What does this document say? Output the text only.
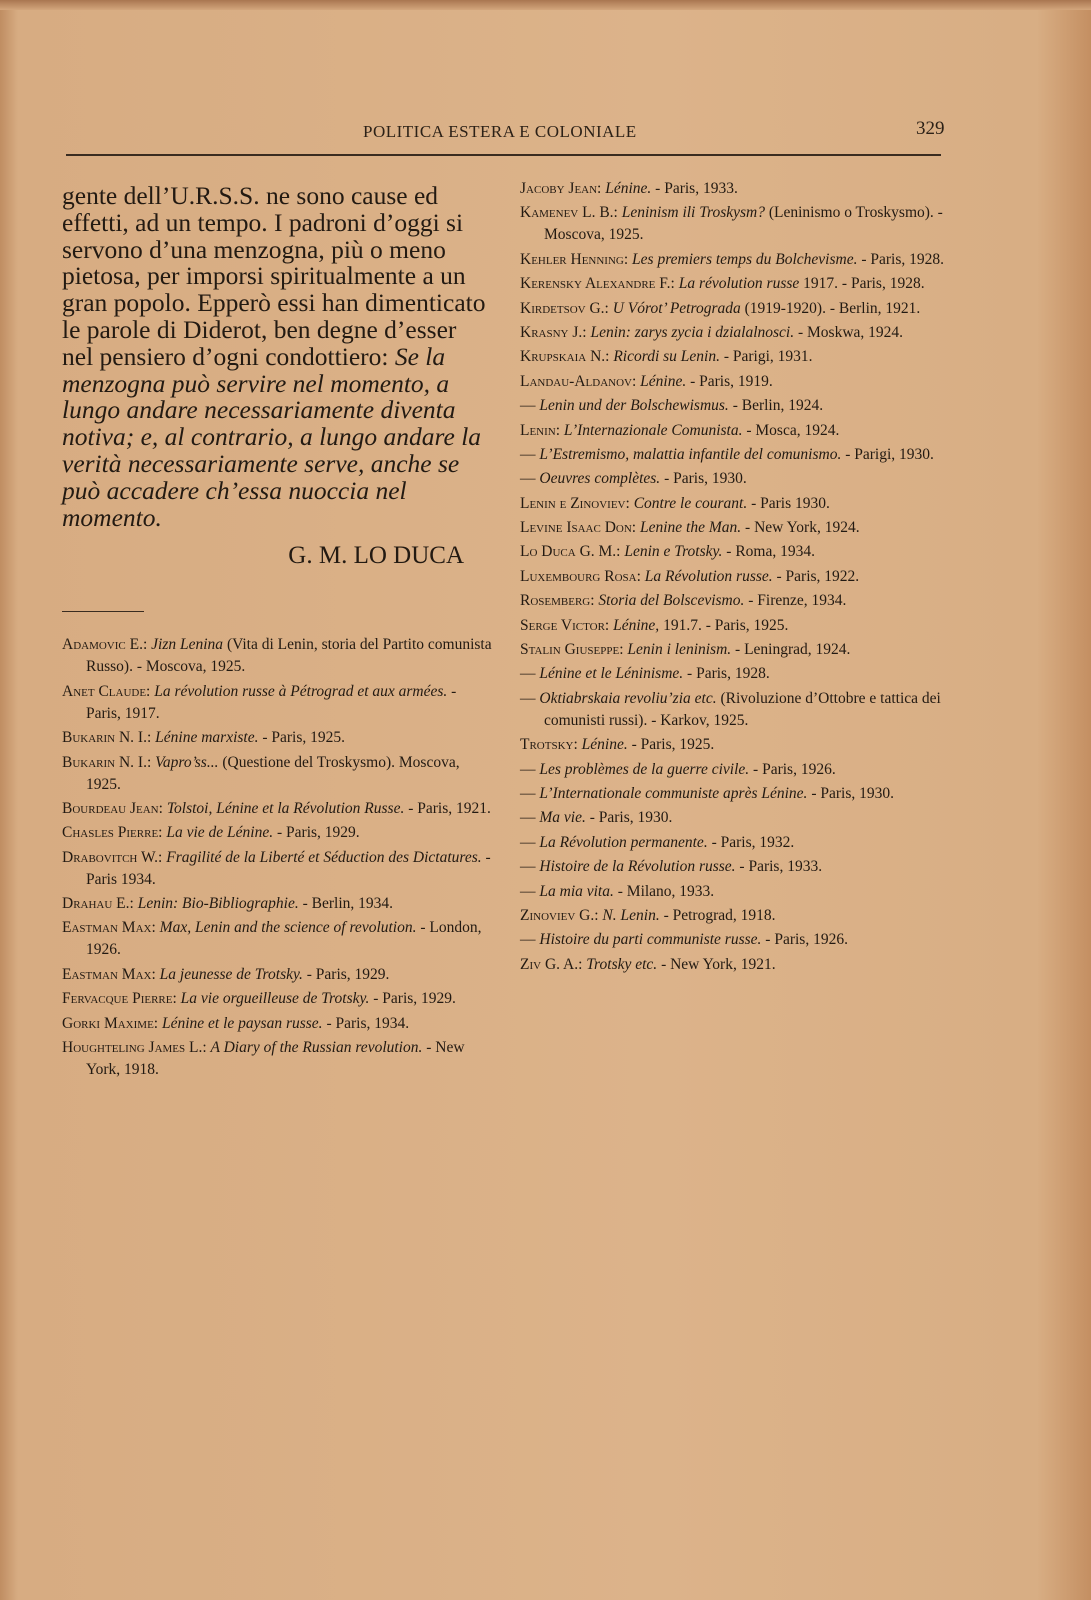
POLITICA ESTERA E COLONIALE	329

gente dell’U.R.S.S. ne sono cause ed effetti, ad un tempo. I padroni d’oggi si servono d’una menzogna, più o meno pietosa, per imporsi spiritualmente a un gran popolo. Epperò essi han dimenticato le parole di Diderot, ben degne d’esser nel pensiero d’ogni condottiero: Se la menzogna può servire nel momento, a lungo andare necessariamente diventa notiva; e, al contrario, a lungo andare la verità necessariamente serve, anche se può accadere ch’essa nuoccia nel momento.

G. M. LO DUCA

Adamovic E.: Jizn Lenina (Vita di Lenin, storia del Partito comunista Russo). - Moscova, 1925.

Anet Claude: La révolution russe à Pétrograd et aux armées. - Paris, 1917.

Bukarin N. I.: Lénine marxiste. - Paris, 1925.

Bukarin N. I.: Vapro’ss... (Questione del Troskysmo). Moscova, 1925.

Bourdeau Jean: Tolstoi, Lénine et la Révolution Russe. - Paris, 1921.

Chasles Pierre: La vie de Lénine. - Paris, 1929.

Drabovitch W.: Fragilité de la Liberté et Séduction des Dictatures. - Paris 1934.

Drahau E.: Lenin: Bio-Bibliographie. - Berlin, 1934.

Eastman Max: Max, Lenin and the science of revolution. - London, 1926.

Eastman Max: La jeunesse de Trotsky. - Paris, 1929.

Fervacque Pierre: La vie orgueilleuse de Trotsky. - Paris, 1929.

Gorki Maxime: Lénine et le paysan russe. - Paris, 1934.

Houghteling James L.: A Diary of the Russian revolution. - New York, 1918.

Jacoby Jean: Lénine. - Paris, 1933.

Kamenev L. B.: Leninism ili Troskysm? (Leninismo o Troskysmo). - Moscova, 1925.

Kehler Henning: Les premiers temps du Bolchevisme. - Paris, 1928.

Kerensky Alexandre F.: La révolution russe 1917. - Paris, 1928.

Kirdetsov G.: U Vórot’ Petrograda (1919-1920). - Berlin, 1921.

Krasny J.: Lenin: zarys zycia i dzialalnosci. - Moskwa, 1924.

Krupskaia N.: Ricordi su Lenin. - Parigi, 1931.

Landau-Aldanov: Lénine. - Paris, 1919.

— Lenin und der Bolschewismus. - Berlin, 1924.

Lenin: L’Internazionale Comunista. - Mosca, 1924.

— L’Estremismo, malattia infantile del comunismo. - Parigi, 1930.

— Oeuvres complètes. - Paris, 1930.

Lenin e Zinoviev: Contre le courant. - Paris 1930.

Levine Isaac Don: Lenine the Man. - New York, 1924.

Lo Duca G. M.: Lenin e Trotsky. - Roma, 1934.

Luxembourg Rosa: La Révolution russe. - Paris, 1922.

Rosemberg: Storia del Bolscevismo. - Firenze, 1934.

Serge Victor: Lénine, 191.7. - Paris, 1925.

Stalin Giuseppe: Lenin i leninism. - Leningrad, 1924.

— Lénine et le Léninisme. - Paris, 1928.

— Oktiabrskaia revoliu’zia etc. (Rivoluzione d’Ottobre e tattica dei comunisti russi). - Karkov, 1925.

Trotsky: Lénine. - Paris, 1925.

— Les problèmes de la guerre civile. - Paris, 1926.

— L’Internationale communiste après Lénine. - Paris, 1930.

— Ma vie. - Paris, 1930.

— La Révolution permanente. - Paris, 1932.

— Histoire de la Révolution russe. - Paris, 1933.

— La mia vita. - Milano, 1933.

Zinoviev G.: N. Lenin. - Petrograd, 1918.

— Histoire du parti communiste russe. - Paris, 1926.

Ziv G. A.: Trotsky etc. - New York, 1921.
